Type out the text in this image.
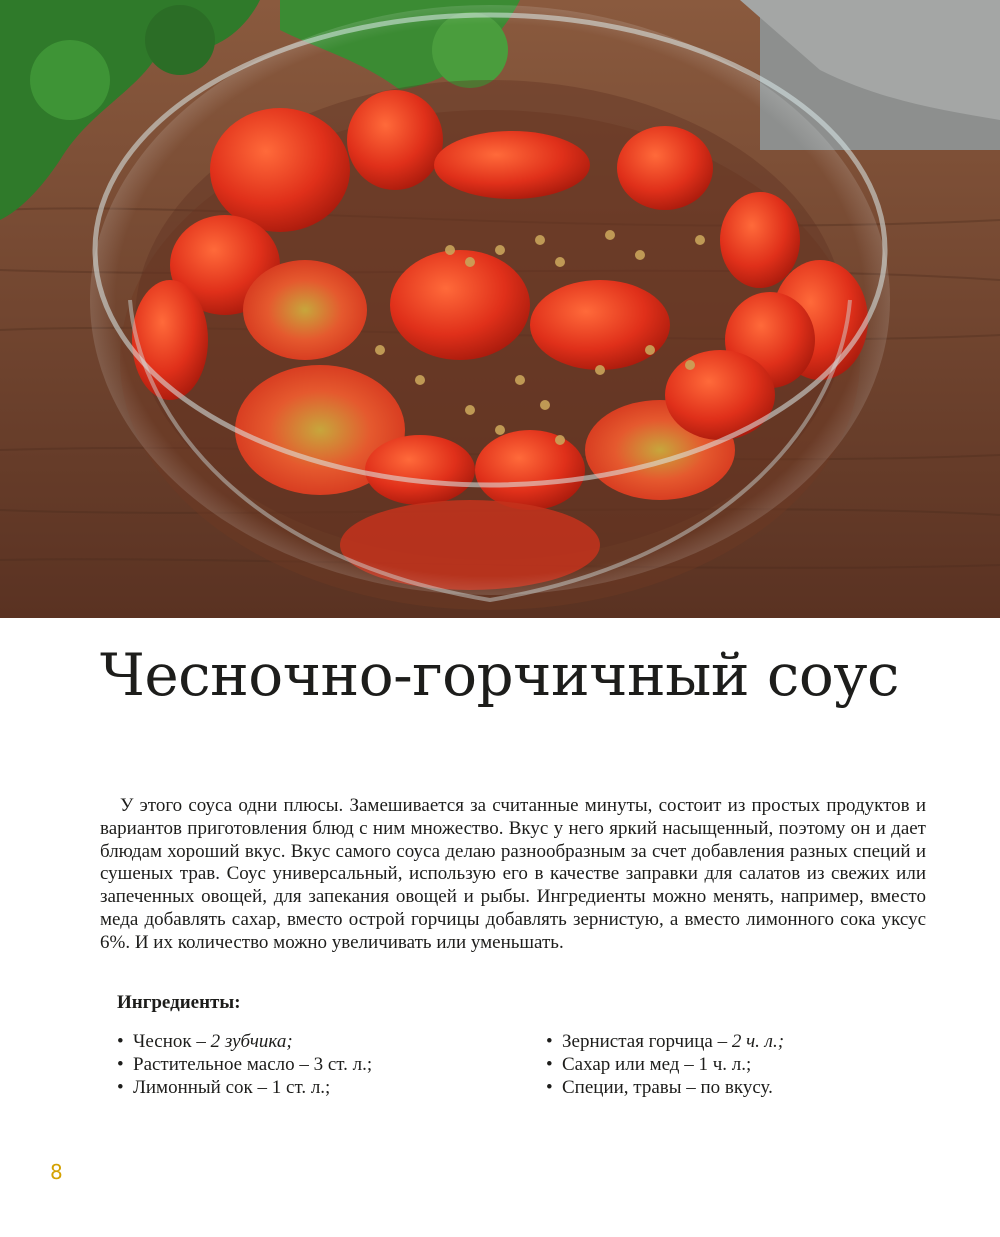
Чесночно-горчичный соус

У этого соуса одни плюсы. Замешивается за считанные минуты, состоит из простых продуктов и вариантов приготовления блюд с ним множество. Вкус у него яркий насыщенный, поэтому он и дает блюдам хороший вкус. Вкус самого соуса делаю разнообразным за счет добавления разных специй и сушеных трав. Соус универсальный, использую его в качестве заправки для салатов из свежих или запеченных овощей, для запекания овощей и рыбы. Ингредиенты можно менять, например, вместо меда добавлять сахар, вместо острой горчицы добавлять зернистую, а вместо лимонного сока уксус 6%. И их количество можно увеличивать или уменьшать.

Ингредиенты:
• Чеснок – 2 зубчика;
• Растительное масло – 3 ст. л.;
• Лимонный сок – 1 ст. л.;
• Зернистая горчица – 2 ч. л.;
• Сахар или мед – 1 ч. л.;
• Специи, травы – по вкусу.
8
